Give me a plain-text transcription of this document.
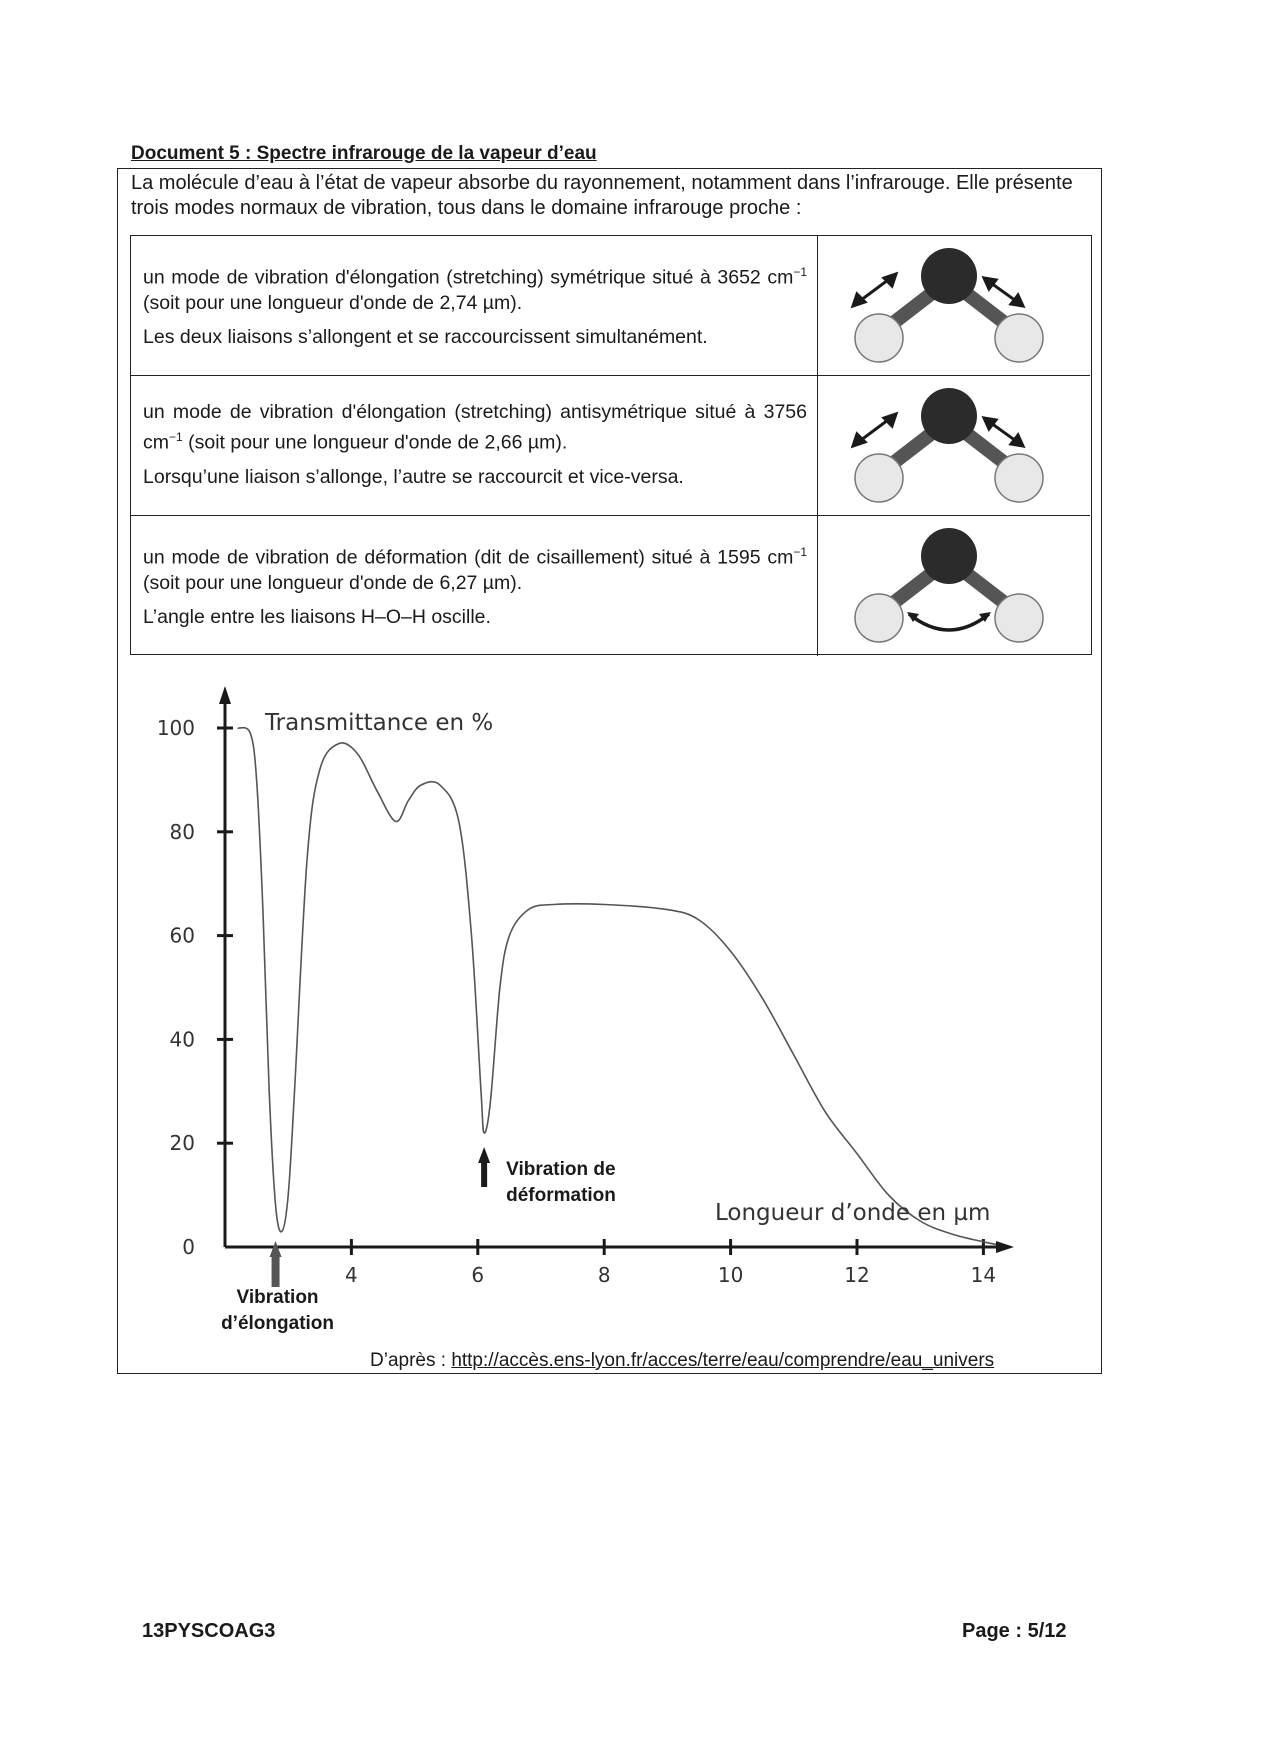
Document 5 : Spectre infrarouge de la vapeur d’eau

La molécule d’eau à l’état de vapeur absorbe du rayonnement, notamment dans l’infrarouge. Elle présente trois modes normaux de vibration, tous dans le domaine infrarouge proche :

un mode de vibration d'élongation (stretching) symétrique situé à 3652 $cm^{-1}$ (soit pour une longueur d'onde de 2,74 µm).

Les deux liaisons s’allongent et se raccourcissent simultanément.

un mode de vibration d'élongation (stretching) antisymétrique situé à 3756 $cm^{-1}$ (soit pour une longueur d'onde de 2,66 µm).

Lorsqu’une liaison s’allonge, l’autre se raccourcit et vice-versa.

un mode de vibration de déformation (dit de cisaillement) situé à 1595 $cm^{-1}$ (soit pour une longueur d'onde de 6,27 µm).

L’angle entre les liaisons H–O–H oscille.

0
20
40
60
80
100
4	6	8	10	12	14
Transmittance en %
Longueur d’onde en µm
Vibration de
déformation
Vibration
d’élongation
D’après : http://accès.ens-lyon.fr/acces/terre/eau/comprendre/eau_univers
13PYSCOAG3	Page : 5/12
